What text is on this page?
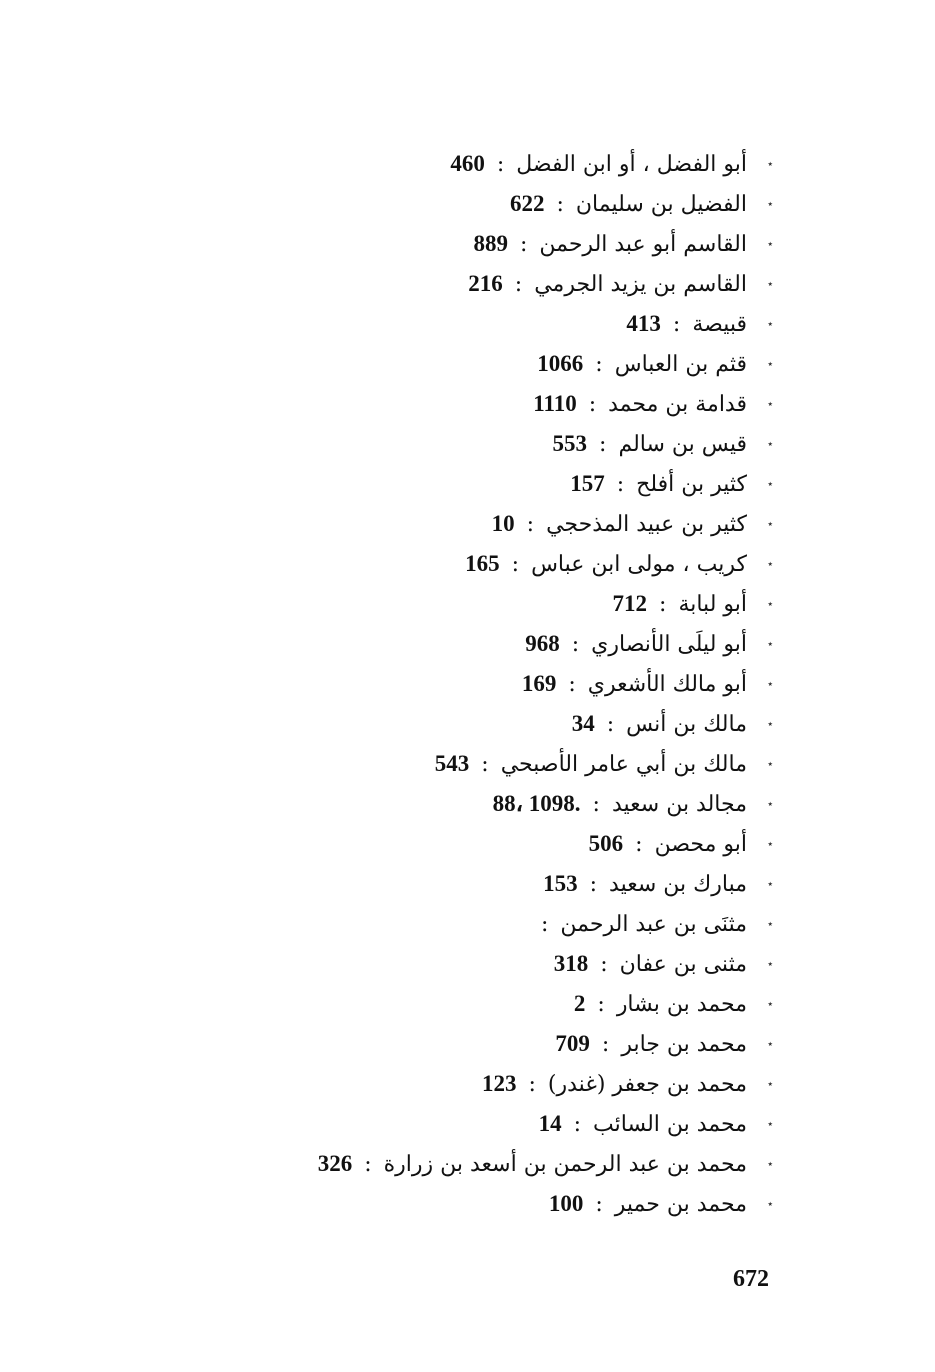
٭أبو الفضل ، أو ابن الفضل:460
٭الفضيل بن سليمان:622
٭القاسم أبو عبد الرحمن:889
٭القاسم بن يزيد الجرمي:216
٭قبيصة:413
٭قثم بن العباس:1066
٭قدامة بن محمد:1110
٭قيس بن سالم:553
٭كثير بن أفلح:157
٭كثير بن عبيد المذحجي:10
٭كريب ، مولى ابن عباس:165
٭أبو لبابة:712
٭أبو ليلَى الأنصاري:968
٭أبو مالك الأشعري:169
٭مالك بن أنس:34
٭مالك بن أبي عامر الأصبحي:543
٭مجالد بن سعيد:88، 1098.
٭أبو محصن:506
٭مبارك بن سعيد:153
٭مثنَى بن عبد الرحمن:
٭مثنى بن عفان:318
٭محمد بن بشار:2
٭محمد بن جابر:709
٭محمد بن جعفر (غندر):123
٭محمد بن السائب:14
٭محمد بن عبد الرحمن بن أسعد بن زرارة:326
٭محمد بن حمير:100
672
